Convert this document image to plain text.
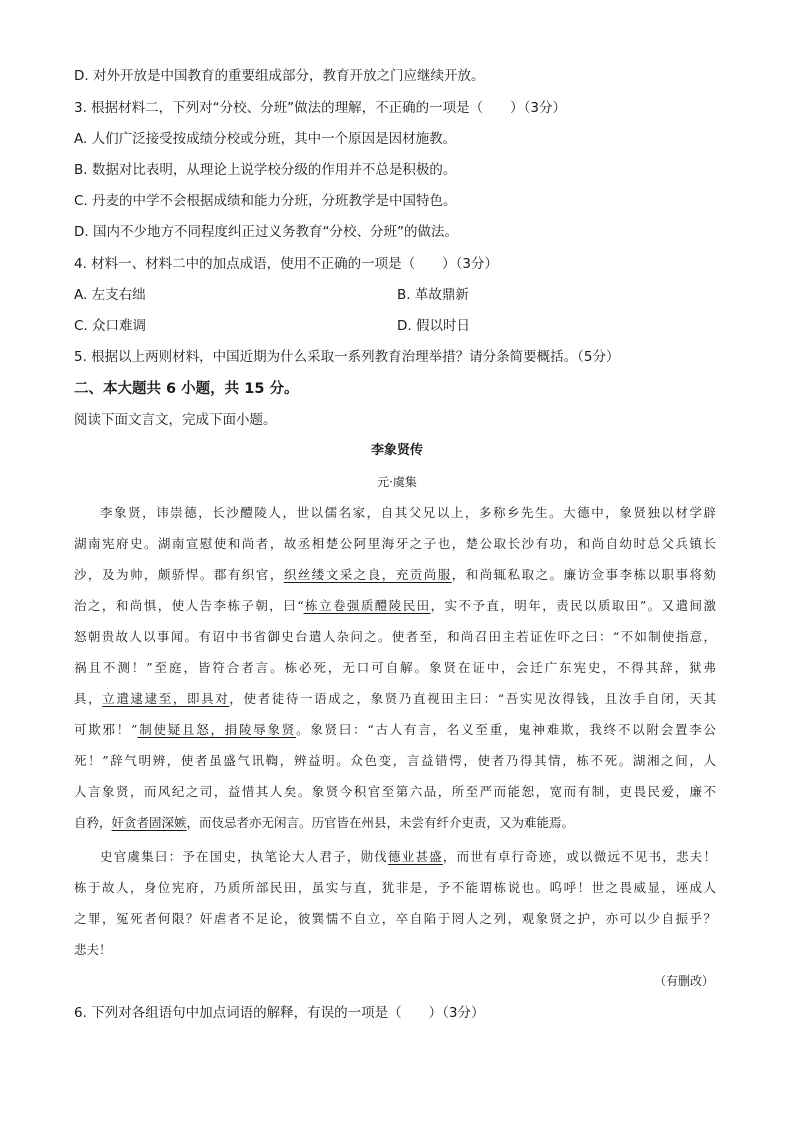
D. 对外开放是中国教育的重要组成部分，教育开放之门应继续开放。
3. 根据材料二，下列对“分校、分班”做法的理解，不正确的一项是（　　）（3分）
A. 人们广泛接受按成绩分校或分班，其中一个原因是因材施教。
B. 数据对比表明，从理论上说学校分级的作用并不总是积极的。
C. 丹麦的中学不会根据成绩和能力分班，分班教学是中国特色。
D. 国内不少地方不同程度纠正过义务教育“分校、分班”的做法。
4. 材料一、材料二中的加点成语，使用不正确的一项是（　　）（3分）
A. 左支右绌	B. 革故鼎新
C. 众口难调	D. 假以时日
5. 根据以上两则材料，中国近期为什么采取一系列教育治理举措？请分条简要概括。（5分）
二、本大题共 6 小题，共 15 分。
阅读下面文言文，完成下面小题。
李象贤传
元·虞集
李象贤，讳崇德，长沙醴陵人，世以儒名家，自其父兄以上，多称乡先生。大德中，象贤独以材学辟
湖南宪府史。湖南宣慰使和尚者，故丞相楚公阿里海牙之子也，楚公取长沙有功，和尚自幼时总父兵镇长
沙，及为帅，颇骄悍。郡有织官，织丝缕文采之良，充贡尚服，和尚辄私取之。廉访佥事李栋以职事将劾
治之，和尚惧，使人告李栋子朝，曰“栋立卷强质醴陵民田，实不予直，明年，责民以质取田”。又遣间激
怒朝贵故人以事闻。有诏中书省御史台遣人杂问之。使者至，和尚召田主若证佐吓之曰：“不如制使指意，
祸且不测！”至庭，皆符合者言。栋必死，无口可自解。象贤在证中，会迁广东宪史，不得其辞，狱弗
具，立遣逮逮至，即具对，使者徒待一语成之，象贤乃直视田主曰：“吾实见汝得钱，且汝手自闭，天其
可欺邪！”制使疑且怒，捐陵辱象贤。象贤曰：“古人有言，名义至重，鬼神难欺，我终不以附会置李公
死！”辞气明辨，使者虽盛气讯鞫，辨益明。众色变，言益错愕，使者乃得其情，栋不死。湖湘之间，人
人言象贤，而风纪之司，益惜其人矣。象贤今积官至第六品，所至严而能恕，宽而有制，吏畏民爱，廉不
自矜，奸贪者固深嫉，而伎忌者亦无闲言。历官皆在州县，未尝有纤介吏责，又为难能焉。
史官虞集曰：予在国史，执笔论大人君子，勋伐德业甚盛，而世有卓行奇迹，或以微远不见书，悲夫！
栋于故人，身位宪府，乃质所部民田，虽实与直，犹非是，予不能谓栋说也。呜呼！世之畏威显，诬成人
之罪，冤死者何限？奸虐者不足论，彼巽懦不自立，卒自陷于罔人之列，观象贤之护，亦可以少自振乎？
悲夫！
（有删改）
6. 下列对各组语句中加点词语的解释，有误的一项是（　　）（3分）
